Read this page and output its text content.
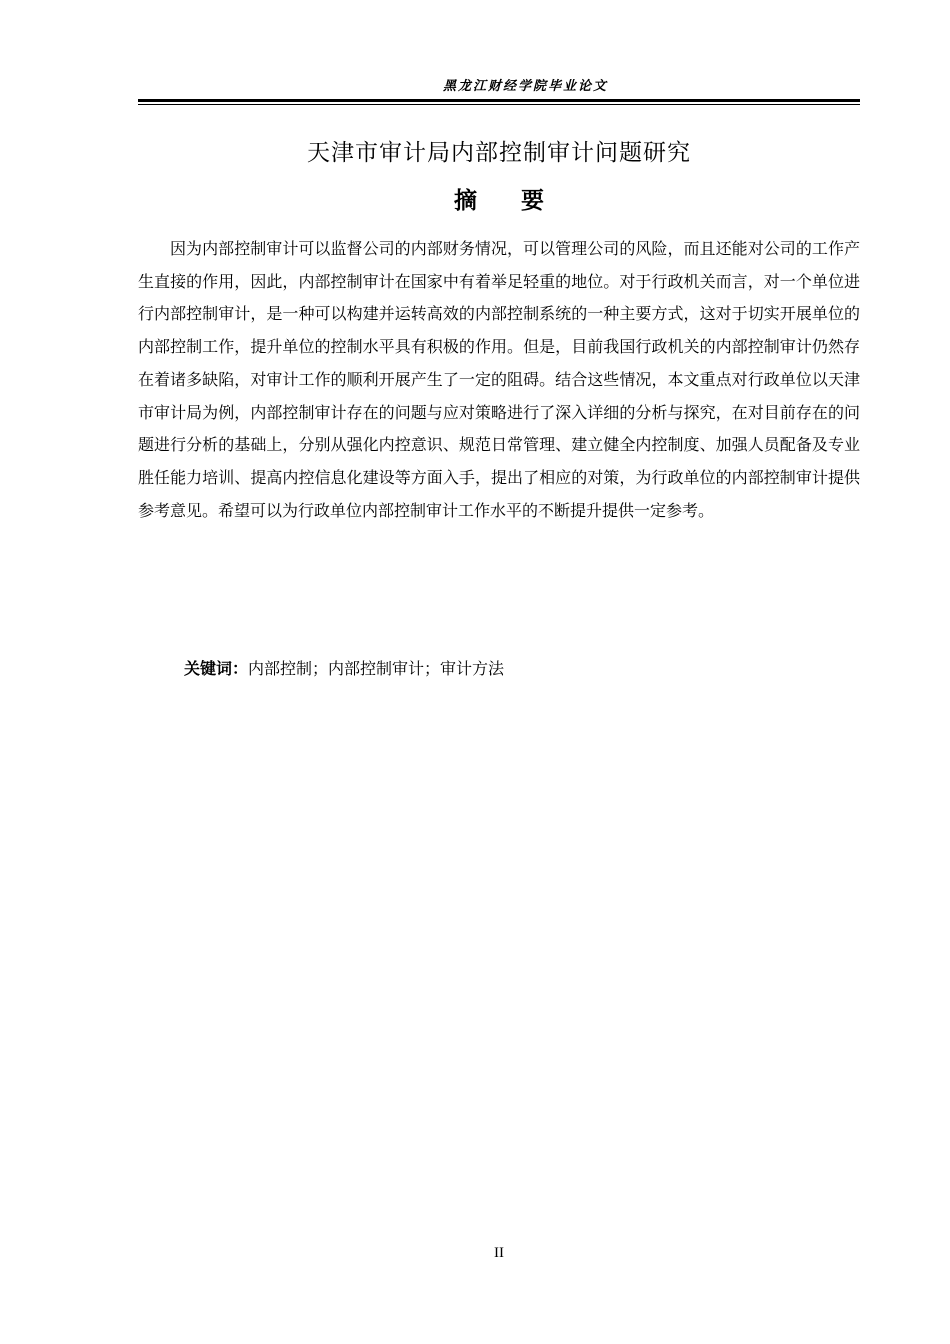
黑龙江财经学院毕业论文
天津市审计局内部控制审计问题研究
摘要

因为内部控制审计可以监督公司的内部财务情况，可以管理公司的风险，而且还能对公司的工作产生直接的作用，因此，内部控制审计在国家中有着举足轻重的地位。对于行政机关而言，对一个单位进行内部控制审计，是一种可以构建并运转高效的内部控制系统的一种主要方式，这对于切实开展单位的内部控制工作，提升单位的控制水平具有积极的作用。但是，目前我国行政机关的内部控制审计仍然存在着诸多缺陷，对审计工作的顺利开展产生了一定的阻碍。结合这些情况，本文重点对行政单位以天津市审计局为例，内部控制审计存在的问题与应对策略进行了深入详细的分析与探究，在对目前存在的问题进行分析的基础上，分别从强化内控意识、规范日常管理、建立健全内控制度、加强人员配备及专业胜任能力培训、提高内控信息化建设等方面入手，提出了相应的对策，为行政单位的内部控制审计提供参考意见。希望可以为行政单位内部控制审计工作水平的不断提升提供一定参考。

关键词：内部控制；内部控制审计；审计方法
II
